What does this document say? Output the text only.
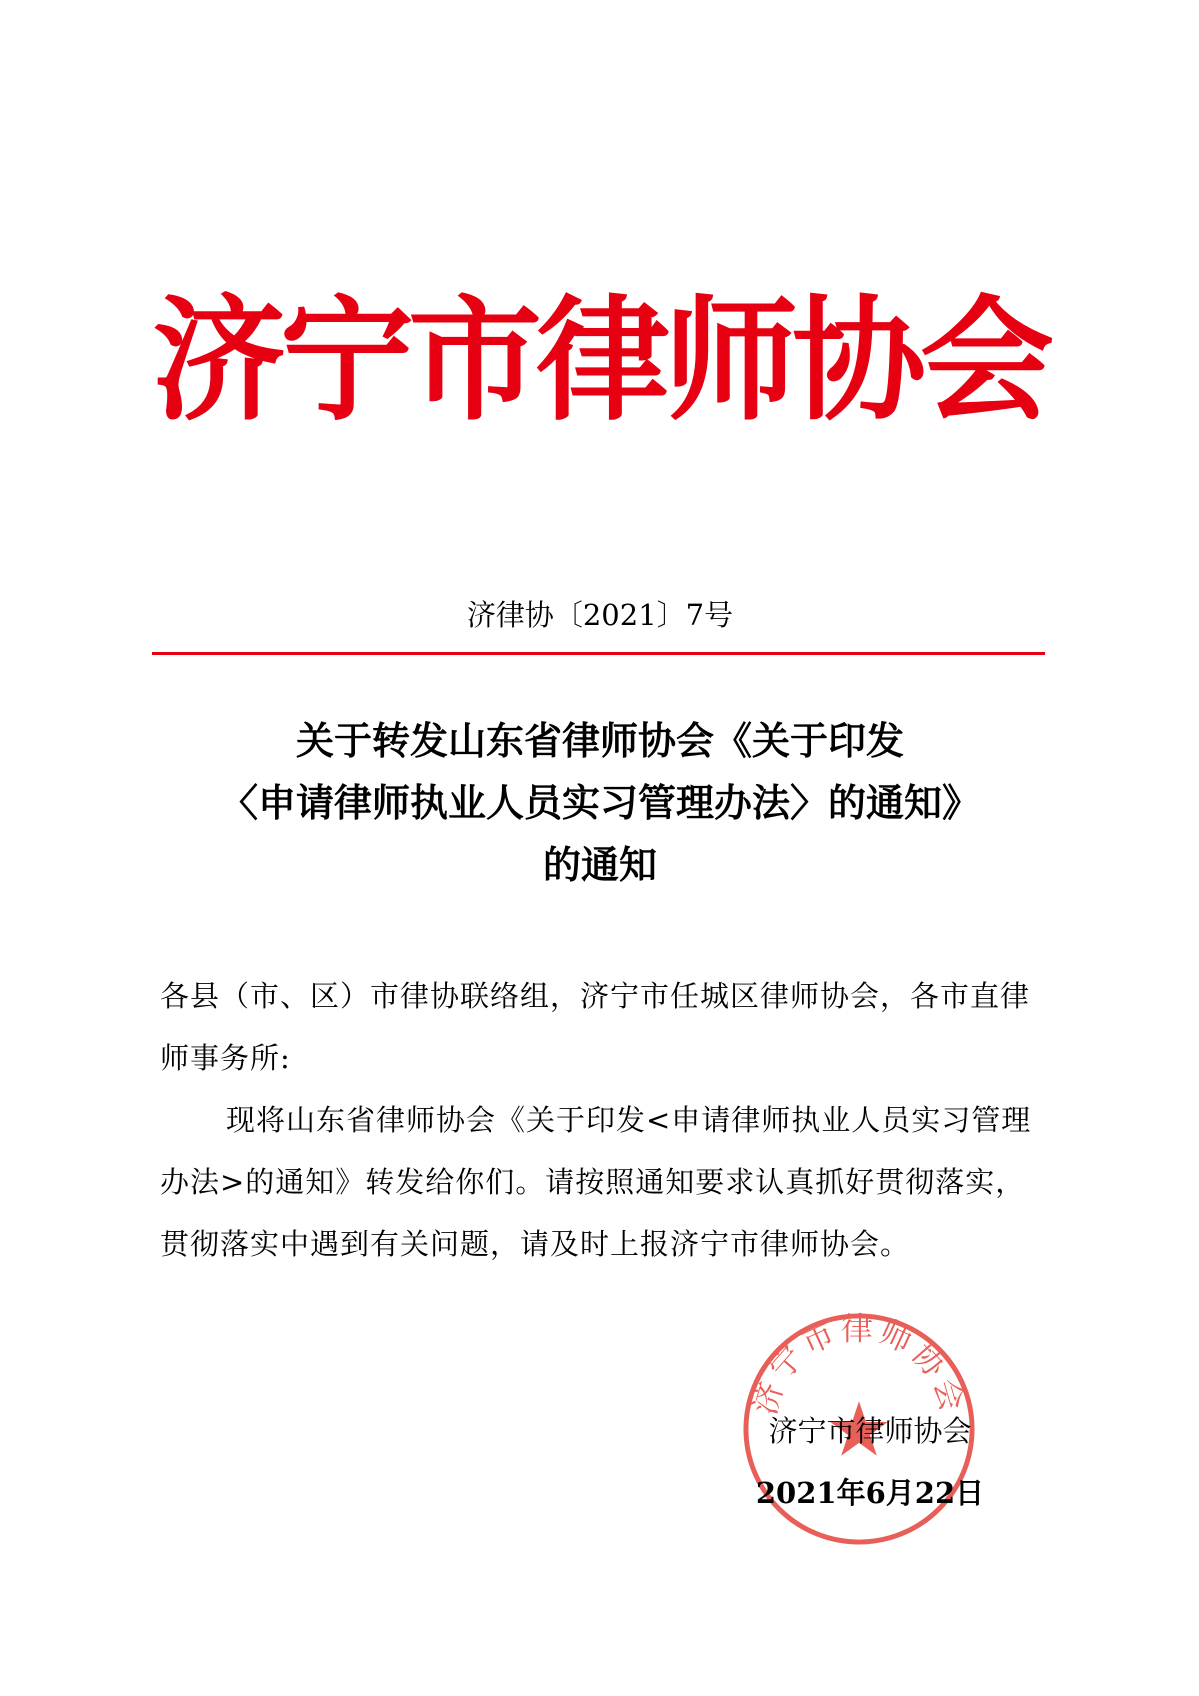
济宁市律师协会
济律协〔2021〕7号
关于转发山东省律师协会《关于印发
〈申请律师执业人员实习管理办法〉的通知》
的通知

各县（市、区）市律协联络组，济宁市任城区律师协会，各市直律师事务所:

现将山东省律师协会《关于印发<申请律师执业人员实习管理办法>的通知》转发给你们。请按照通知要求认真抓好贯彻落实，贯彻落实中遇到有关问题，请及时上报济宁市律师协会。

济宁市律师协会

济宁市律师协会

2021年6月22日
